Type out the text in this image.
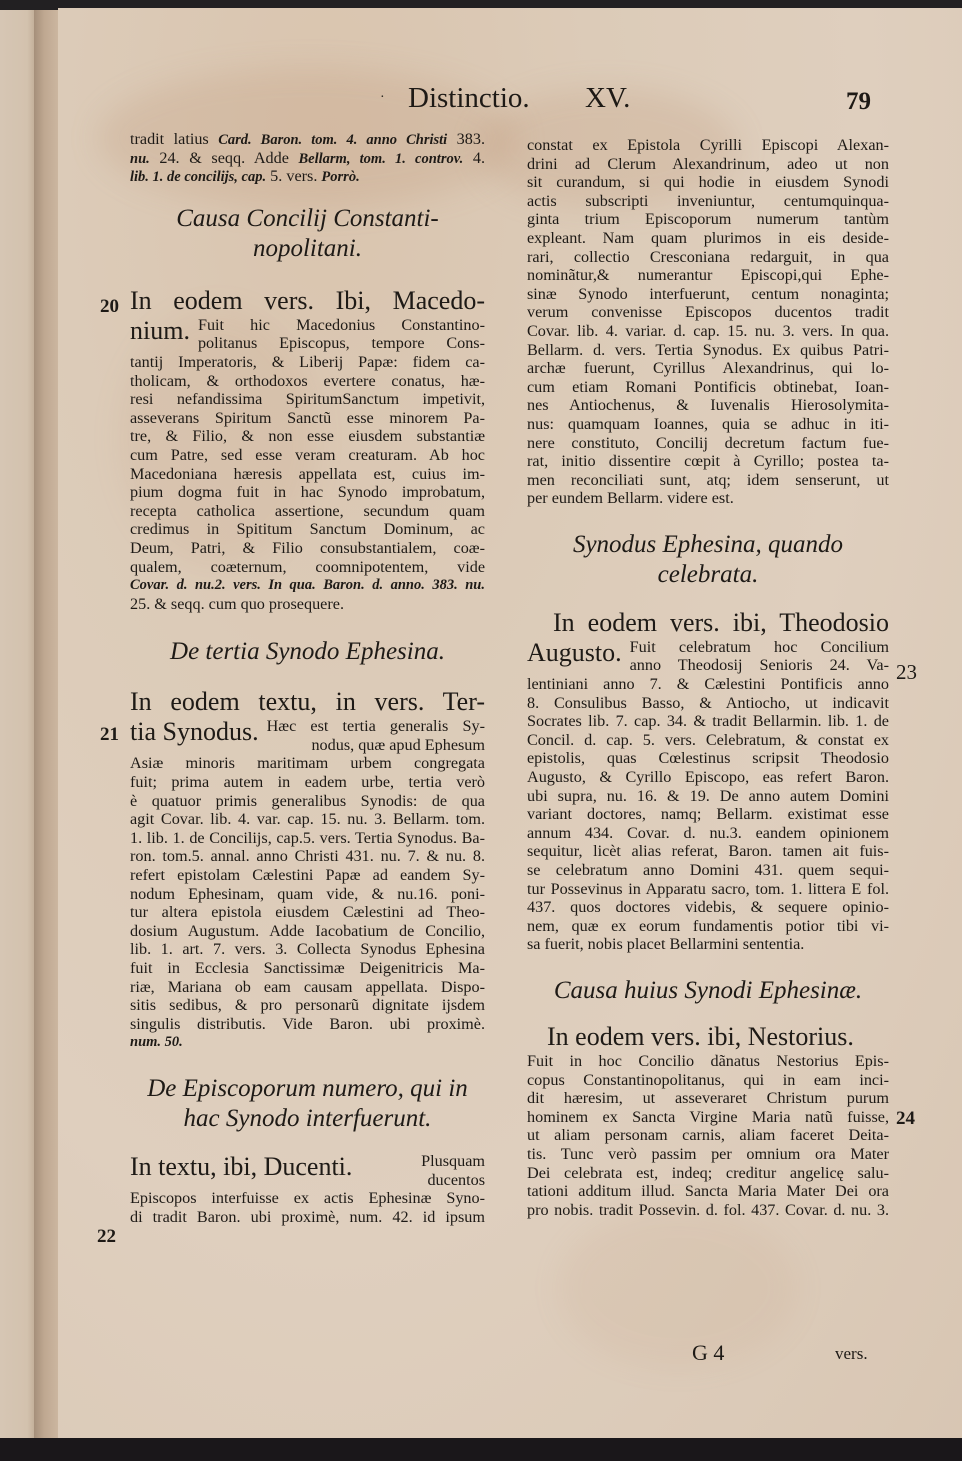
· Distinctio. XV.	79
tradit latius Card. Baron. tom. 4. anno Christi 383.
nu. 24. & seqq. Adde Bellarm, tom. 1. controv. 4.
lib. 1. de concilijs, cap. 5. vers. Porrò.
Causa Concilij Constanti-
nopolitani.
In eodem vers. Ibi, Macedo-
nium. Fuit hic Macedonius Constantino-
politanus Episcopus, tempore Cons-
tantij Imperatoris, & Liberij Papæ: fidem ca-
tholicam, & orthodoxos evertere conatus, hæ-
resi nefandissima SpiritumSanctum impetivit,
asseverans Spiritum Sanctũ esse minorem Pa-
tre, & Filio, & non esse eiusdem substantiæ
cum Patre, sed esse veram creaturam. Ab hoc
Macedoniana hæresis appellata est, cuius im-
pium dogma fuit in hac Synodo improbatum,
recepta catholica assertione, secundum quam
credimus in Spititum Sanctum Dominum, ac
Deum, Patri, & Filio consubstantialem, coæ-
qualem, coæternum, coomnipotentem, vide
Covar. d. nu.2. vers. In qua. Baron. d. anno. 383. nu.
25. & seqq. cum quo prosequere.
De tertia Synodo Ephesina.
In eodem textu, in vers. Ter-
tia Synodus. Hæc est tertia generalis Sy-
nodus, quæ apud Ephesum
Asiæ minoris maritimam urbem congregata
fuit; prima autem in eadem urbe, tertia verò
è quatuor primis generalibus Synodis: de qua
agit Covar. lib. 4. var. cap. 15. nu. 3. Bellarm. tom.
1. lib. 1. de Concilijs, cap.5. vers. Tertia Synodus. Ba-
ron. tom.5. annal. anno Christi 431. nu. 7. & nu. 8.
refert epistolam Cælestini Papæ ad eandem Sy-
nodum Ephesinam, quam vide, & nu.16. poni-
tur altera epistola eiusdem Cælestini ad Theo-
dosium Augustum. Adde Iacobatium de Concilio,
lib. 1. art. 7. vers. 3. Collecta Synodus Ephesina
fuit in Ecclesia Sanctissimæ Deigenitricis Ma-
riæ, Mariana ob eam causam appellata. Dispo-
sitis sedibus, & pro personarũ dignitate ijsdem
singulis distributis. Vide Baron. ubi proximè.
num. 50.
De Episcoporum numero, qui in
hac Synodo interfuerunt.
In textu, ibi, Ducenti.	Plusquam
ducentos
Episcopos interfuisse ex actis Ephesinæ Syno-
di tradit Baron. ubi proximè, num. 42. id ipsum
20
21
22
constat ex Epistola Cyrilli Episcopi Alexan-
drini ad Clerum Alexandrinum, adeo ut non
sit curandum, si qui hodie in eiusdem Synodi
actis subscripti inveniuntur, centumquinqua-
ginta trium Episcoporum numerum tantùm
expleant. Nam quam plurimos in eis deside-
rari, collectio Cresconiana redarguit, in qua
nominãtur,& numerantur Episcopi,qui Ephe-
sinæ Synodo interfuerunt, centum nonaginta;
verum convenisse Episcopos ducentos tradit
Covar. lib. 4. variar. d. cap. 15. nu. 3. vers. In qua.
Bellarm. d. vers. Tertia Synodus. Ex quibus Patri-
archæ fuerunt, Cyrillus Alexandrinus, qui lo-
cum etiam Romani Pontificis obtinebat, Ioan-
nes Antiochenus, & Iuvenalis Hierosolymita-
nus: quamquam Ioannes, quia se adhuc in iti-
nere constituto, Concilij decretum factum fue-
rat, initio dissentire cœpit à Cyrillo; postea ta-
men reconciliati sunt, atq; idem senserunt, ut
per eundem Bellarm. videre est.
Synodus Ephesina, quando
celebrata.
In eodem vers. ibi, Theodosio
Augusto. Fuit celebratum hoc Concilium
anno Theodosij Senioris 24. Va-
lentiniani anno 7. & Cælestini Pontificis anno
8. Consulibus Basso, & Antiocho, ut indicavit
Socrates lib. 7. cap. 34. & tradit Bellarmin. lib. 1. de
Concil. d. cap. 5. vers. Celebratum, & constat ex
epistolis, quas Cœlestinus scripsit Theodosio
Augusto, & Cyrillo Episcopo, eas refert Baron.
ubi supra, nu. 16. & 19. De anno autem Domini
variant doctores, namq; Bellarm. existimat esse
annum 434. Covar. d. nu.3. eandem opinionem
sequitur, licèt alias referat, Baron. tamen ait fuis-
se celebratum anno Domini 431. quem sequi-
tur Possevinus in Apparatu sacro, tom. 1. littera E fol.
437. quos doctores videbis, & sequere opinio-
nem, quæ ex eorum fundamentis potior tibi vi-
sa fuerit, nobis placet Bellarmini sententia.
Causa huius Synodi Ephesinæ.
In eodem vers. ibi, Nestorius.
Fuit in hoc Concilio dãnatus Nestorius Epis-
copus Constantinopolitanus, qui in eam inci-
dit hæresim, ut asseveraret Christum purum
hominem ex Sancta Virgine Maria natũ fuisse,
ut aliam personam carnis, aliam faceret Deita-
tis. Tunc verò passim per omnium ora Mater
Dei celebrata est, indeq; creditur angelicę salu-
tationi additum illud. Sancta Maria Mater Dei ora
pro nobis. tradit Possevin. d. fol. 437. Covar. d. nu. 3.
23
24
G 4	vers.
